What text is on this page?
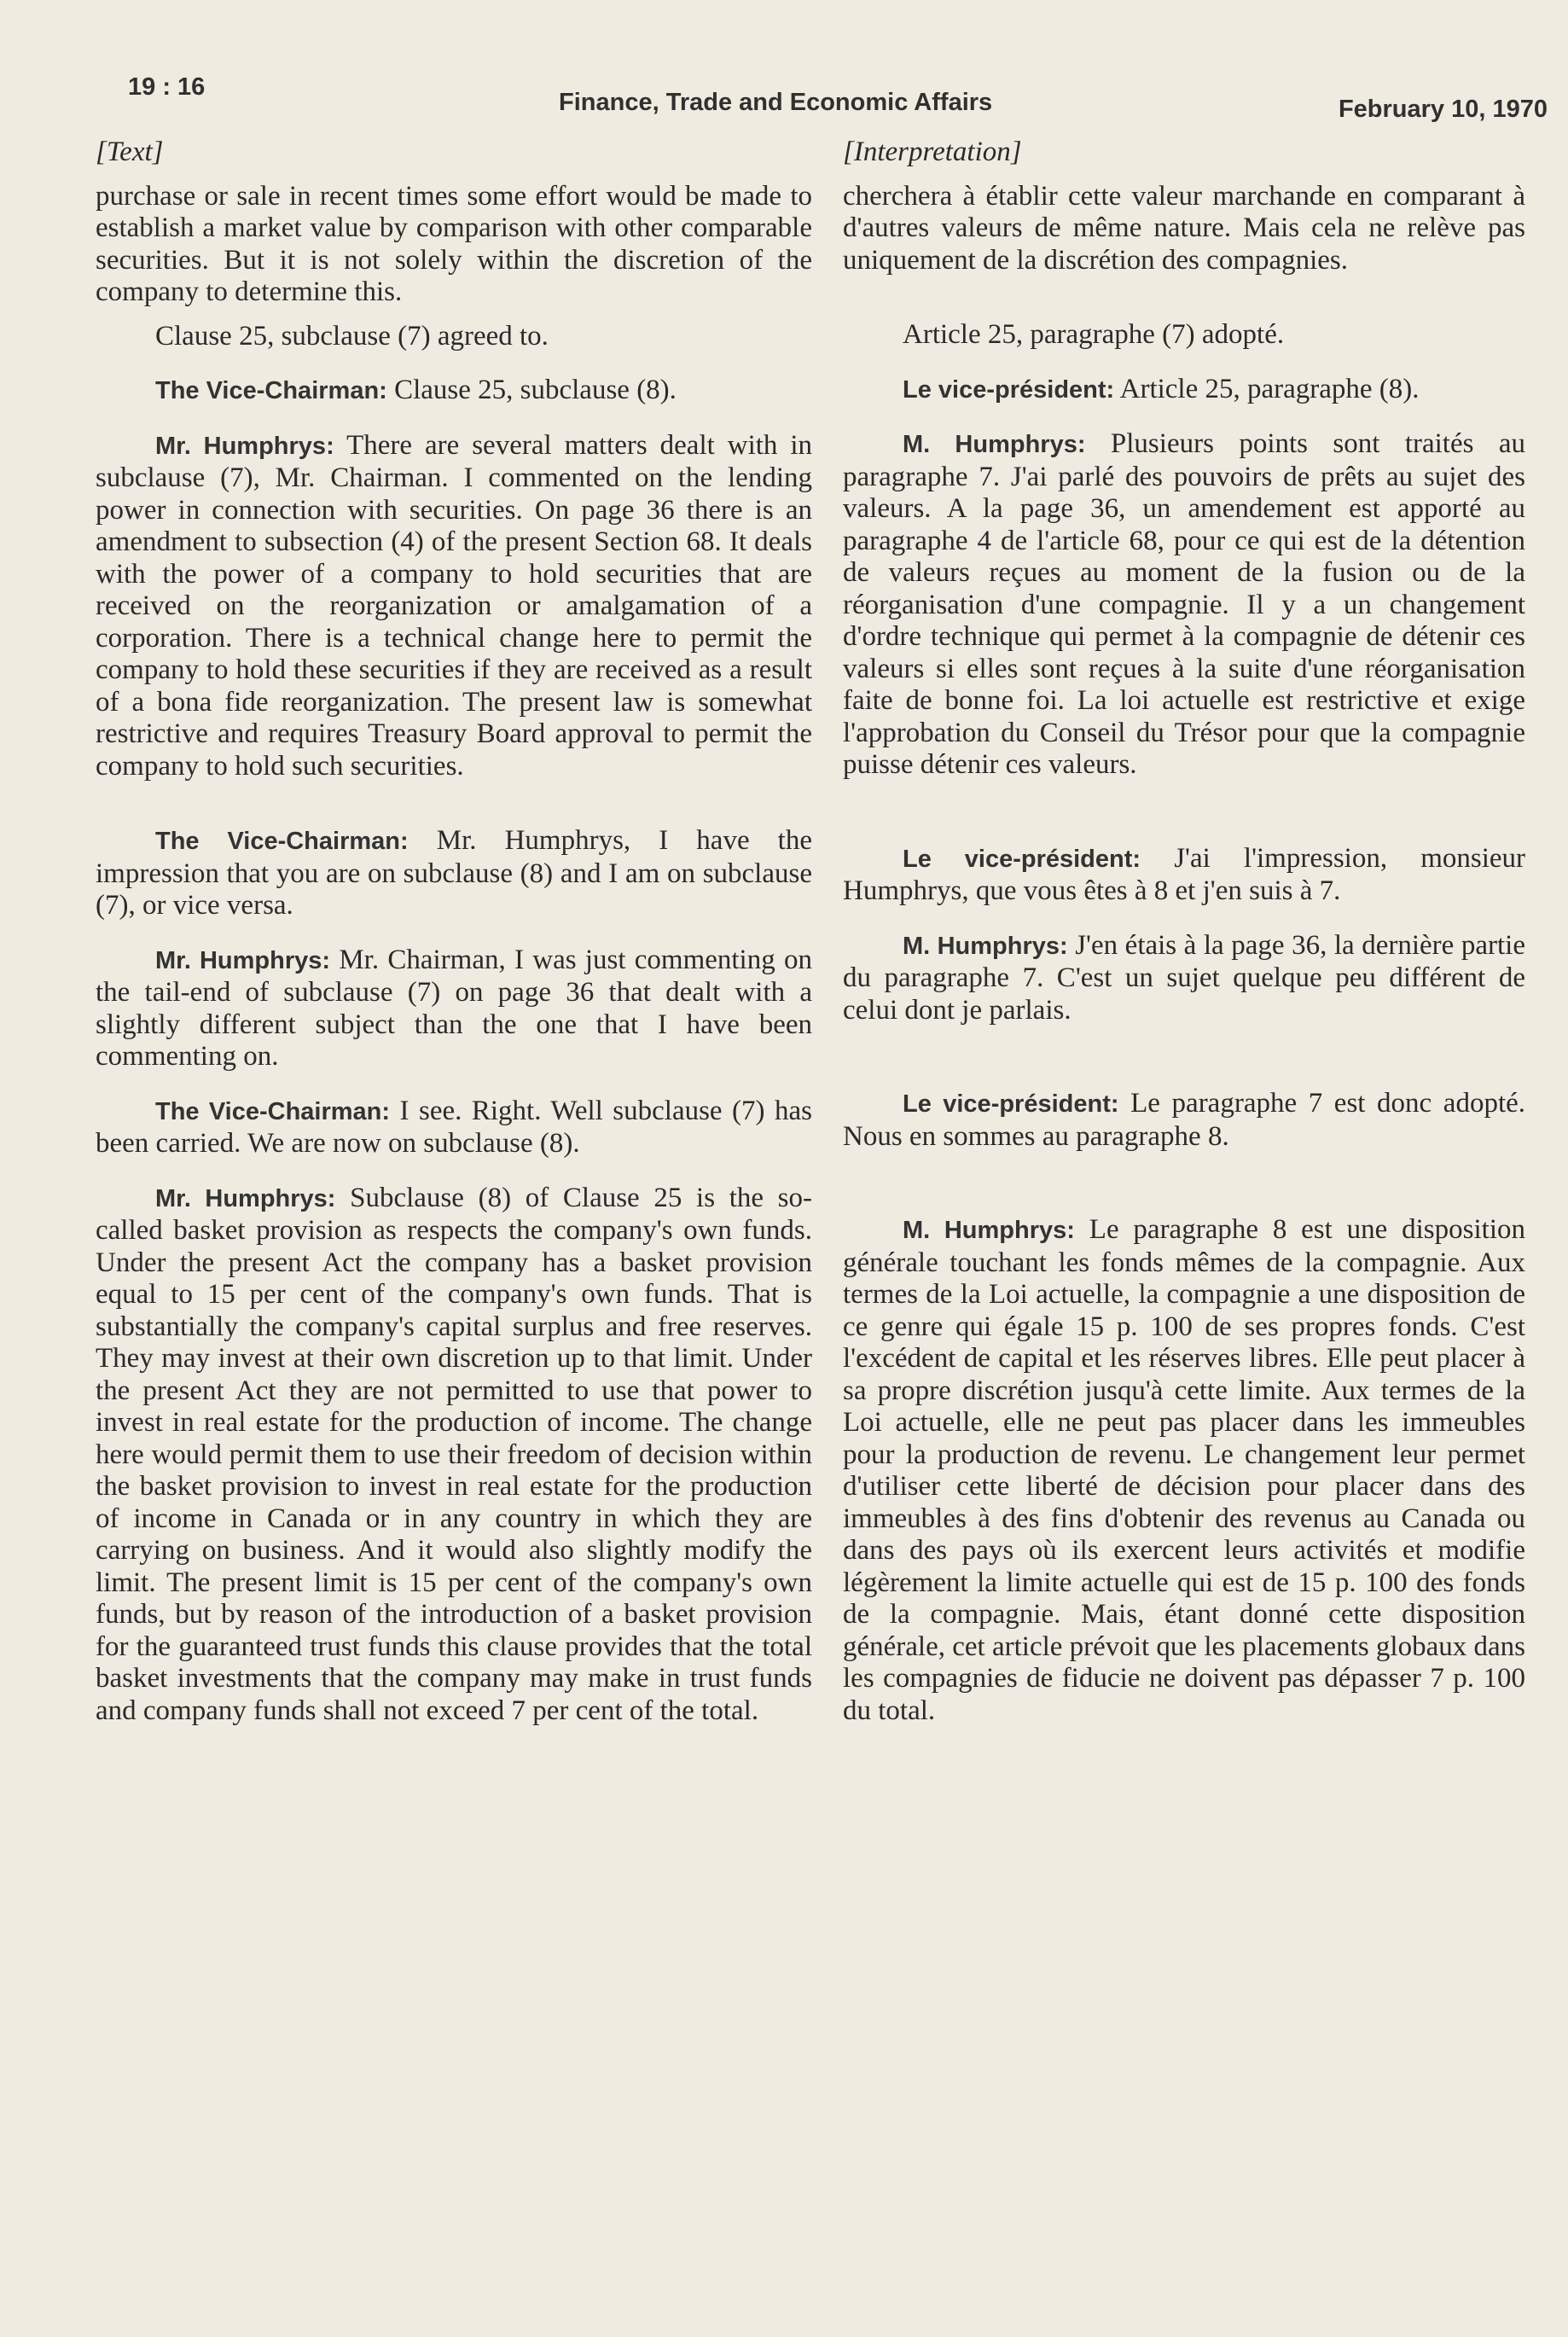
19 : 16
Finance, Trade and Economic Affairs	February 10, 1970

[Text]

purchase or sale in recent times some effort would be made to establish a market value by comparison with other comparable securities. But it is not solely within the discretion of the company to determine this.

Clause 25, subclause (7) agreed to.

The Vice-Chairman: Clause 25, subclause (8).

Mr. Humphrys: There are several matters dealt with in subclause (7), Mr. Chairman. I commented on the lending power in connection with securities. On page 36 there is an amendment to subsection (4) of the present Section 68. It deals with the power of a company to hold securities that are received on the reorganization or amalgamation of a corporation. There is a technical change here to permit the company to hold these securities if they are received as a result of a bona fide reorganization. The present law is somewhat restrictive and requires Treasury Board approval to permit the company to hold such securities.

The Vice-Chairman: Mr. Humphrys, I have the impression that you are on subclause (8) and I am on subclause (7), or vice versa.

Mr. Humphrys: Mr. Chairman, I was just commenting on the tail-end of subclause (7) on page 36 that dealt with a slightly different subject than the one that I have been commenting on.

The Vice-Chairman: I see. Right. Well subclause (7) has been carried. We are now on subclause (8).

Mr. Humphrys: Subclause (8) of Clause 25 is the so-called basket provision as respects the company's own funds. Under the present Act the company has a basket provision equal to 15 per cent of the company's own funds. That is substantially the company's capital surplus and free reserves. They may invest at their own discretion up to that limit. Under the present Act they are not permitted to use that power to invest in real estate for the production of income. The change here would permit them to use their freedom of decision within the basket provision to invest in real estate for the production of income in Canada or in any country in which they are carrying on business. And it would also slightly modify the limit. The present limit is 15 per cent of the company's own funds, but by reason of the introduction of a basket provision for the guaranteed trust funds this clause provides that the total basket investments that the company may make in trust funds and company funds shall not exceed 7 per cent of the total.

[Interpretation]

cherchera à établir cette valeur marchande en comparant à d'autres valeurs de même nature. Mais cela ne relève pas uniquement de la discrétion des compagnies.

Article 25, paragraphe (7) adopté.

Le vice-président: Article 25, paragraphe (8).

M. Humphrys: Plusieurs points sont traités au paragraphe 7. J'ai parlé des pouvoirs de prêts au sujet des valeurs. A la page 36, un amendement est apporté au paragraphe 4 de l'article 68, pour ce qui est de la détention de valeurs reçues au moment de la fusion ou de la réorganisation d'une compagnie. Il y a un changement d'ordre technique qui permet à la compagnie de détenir ces valeurs si elles sont reçues à la suite d'une réorganisation faite de bonne foi. La loi actuelle est restrictive et exige l'approbation du Conseil du Trésor pour que la compagnie puisse détenir ces valeurs.

Le vice-président: J'ai l'impression, monsieur Humphrys, que vous êtes à 8 et j'en suis à 7.

M. Humphrys: J'en étais à la page 36, la dernière partie du paragraphe 7. C'est un sujet quelque peu différent de celui dont je parlais.

Le vice-président: Le paragraphe 7 est donc adopté. Nous en sommes au paragraphe 8.

M. Humphrys: Le paragraphe 8 est une disposition générale touchant les fonds mêmes de la compagnie. Aux termes de la Loi actuelle, la compagnie a une disposition de ce genre qui égale 15 p. 100 de ses propres fonds. C'est l'excédent de capital et les réserves libres. Elle peut placer à sa propre discrétion jusqu'à cette limite. Aux termes de la Loi actuelle, elle ne peut pas placer dans les immeubles pour la production de revenu. Le changement leur permet d'utiliser cette liberté de décision pour placer dans des immeubles à des fins d'obtenir des revenus au Canada ou dans des pays où ils exercent leurs activités et modifie légèrement la limite actuelle qui est de 15 p. 100 des fonds de la compagnie. Mais, étant donné cette disposition générale, cet article prévoit que les placements globaux dans les compagnies de fiducie ne doivent pas dépasser 7 p. 100 du total.
